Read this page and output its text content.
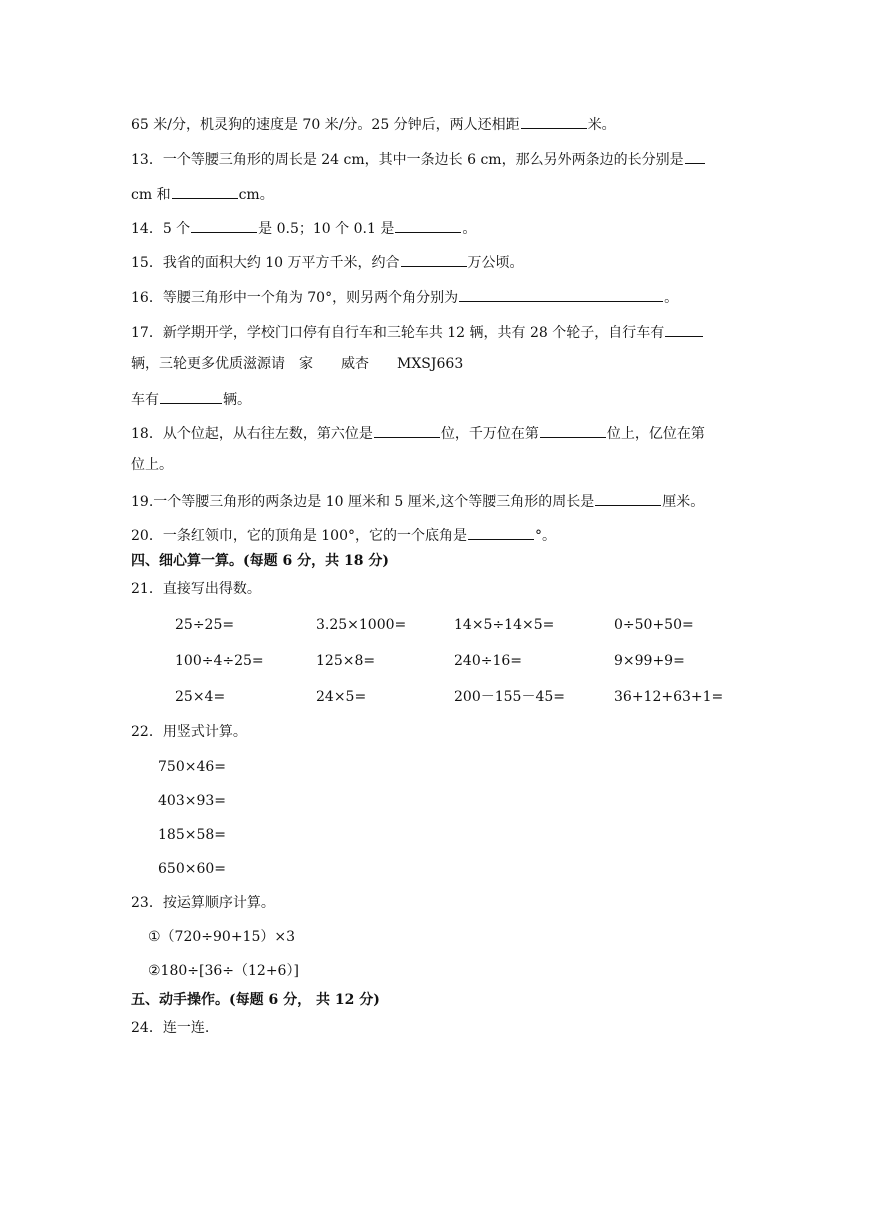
65 米/分，机灵狗的速度是 70 米/分。25 分钟后，两人还相距	米。
13．一个等腰三角形的周长是 24 cm，其中一条边长 6 cm，那么另外两条边的长分别是
cm 和	cm。
14．5 个	是 0.5；10 个 0.1 是	。
15．我省的面积大约 10 万平方千米，约合	万公顷。
16．等腰三角形中一个角为 70°，则另两个角分别为	。
17．新学期开学，学校门口停有自行车和三轮车共 12 辆，共有 28 个轮子，自行车有
辆，三轮更多优质滋源请　家　　威杏　　MXSJ663
车有	辆。
18．从个位起，从右往左数，第六位是	位，千万位在第	位上，亿位在第
位上。
19.一个等腰三角形的两条边是 10 厘米和 5 厘米,这个等腰三角形的周长是	厘米。
20．一条红领巾，它的顶角是 100°，它的一个底角是	°。
四、细心算一算。(每题 6 分，共 18 分)
21．直接写出得数。
25÷25=	3.25×1000=	14×5÷14×5=	0÷50+50=
100÷4÷25=	125×8=	240÷16=	9×99+9=
25×4=	24×5=	200－155－45=	36+12+63+1=
22．用竖式计算。
750×46=
403×93=
185×58=
650×60=
23．按运算顺序计算。
①（720÷90+15）×3
②180÷[36÷（12+6）]
五、动手操作。(每题 6 分， 共 12 分)
24．连一连.
